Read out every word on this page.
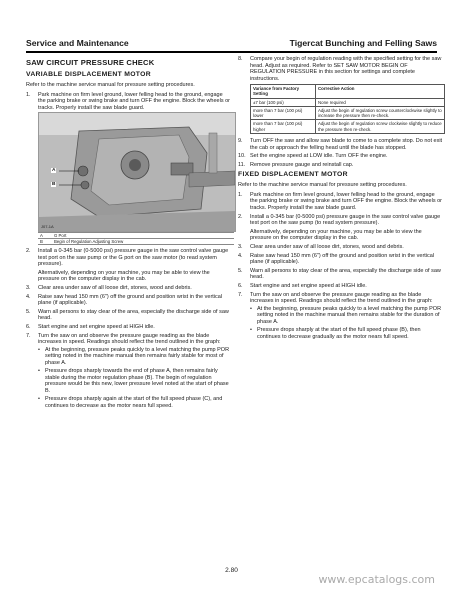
Service and Maintenance	Tigercat Bunching and Felling Saws
SAW CIRCUIT PRESSURE CHECK
VARIABLE DISPLACEMENT MOTOR

Refer to the machine service manual for pressure setting procedures.

1. Park machine on firm level ground, lower felling head to the ground, engage the parking brake or swing brake and turn OFF the engine. Block the wheels or tracks. Properly install the saw blade guard.
A
B
J07-1A
A	G Port
B	Begin of Regulation Adjusting Screw
2. Install a 0-345 bar (0-5000 psi) pressure gauge in the saw control valve gauge test port on the saw pump or the G port on the saw motor (to read system pressure).
Alternatively, depending on your machine, you may be able to view the pressure on the computer display in the cab.
3. Clear area under saw of all loose dirt, stones, wood and debris.
4. Raise saw head 150 mm (6") off the ground and position wrist in the vertical plane (if applicable).
5. Warn all persons to stay clear of the area, especially the discharge side of saw head.
6. Start engine and set engine speed at HIGH idle.
7. Turn the saw on and observe the pressure gauge reading as the blade increases in speed. Readings should reflect the trend outlined in the graph:
• At the beginning, pressure peaks quickly to a level matching the pump POR setting noted in the machine manual then remains fairly stable for most of phase A.
• Pressure drops sharply towards the end of phase A, then remains fairly stable during the motor regulation phase (B). The begin of regulation pressure would be this new, lower pressure level noted at the start of phase B.
• Pressure drops sharply again at the start of the full speed phase (C), and continues to decrease as the motor nears full speed.
8. Compare your begin of regulation reading with the specified setting for the saw head. Adjust as required. Refer to SET SAW MOTOR BEGIN OF REGULATION PRESSURE in this section for settings and complete instructions.
Variance from Factory Setting	Corrective Action
±7 bar (100 psi)	None required
more than 7 bar (100 psi) lower	Adjust the begin of regulation screw counterclockwise slightly to increase the pressure then re-check.
more than 7 bar (100 psi) higher	Adjust the begin of regulation screw clockwise slightly to reduce the pressure then re-check.
9. Turn OFF the saw and allow saw blade to come to a complete stop. Do not exit the cab or approach the felling head until the blade has stopped.
10. Set the engine speed at LOW idle. Turn OFF the engine.
11. Remove pressure gauge and reinstall cap.
FIXED DISPLACEMENT MOTOR

Refer to the machine service manual for pressure setting procedures.

1. Park machine on firm level ground, lower felling head to the ground, engage the parking brake or swing brake and turn OFF the engine. Block the wheels or tracks. Properly install the saw blade guard.
2. Install a 0-345 bar (0-5000 psi) pressure gauge in the saw control valve gauge test port on the saw pump (to read system pressure).
Alternatively, depending on your machine, you may be able to view the pressure on the computer display in the cab.
3. Clear area under saw of all loose dirt, stones, wood and debris.
4. Raise saw head 150 mm (6") off the ground and position wrist in the vertical plane (if applicable).
5. Warn all persons to stay clear of the area, especially the discharge side of saw head.
6. Start engine and set engine speed at HIGH idle.
7. Turn the saw on and observe the pressure gauge reading as the blade increases in speed. Readings should reflect the trend outlined in the graph:
• At the beginning, pressure peaks quickly to a level matching the pump POR setting noted in the machine manual then remains stable for the duration of phase A.
• Pressure drops sharply at the start of the full speed phase (B), then continues to decrease gradually as the motor nears full speed.
2.80
www.epcatalogs.com
